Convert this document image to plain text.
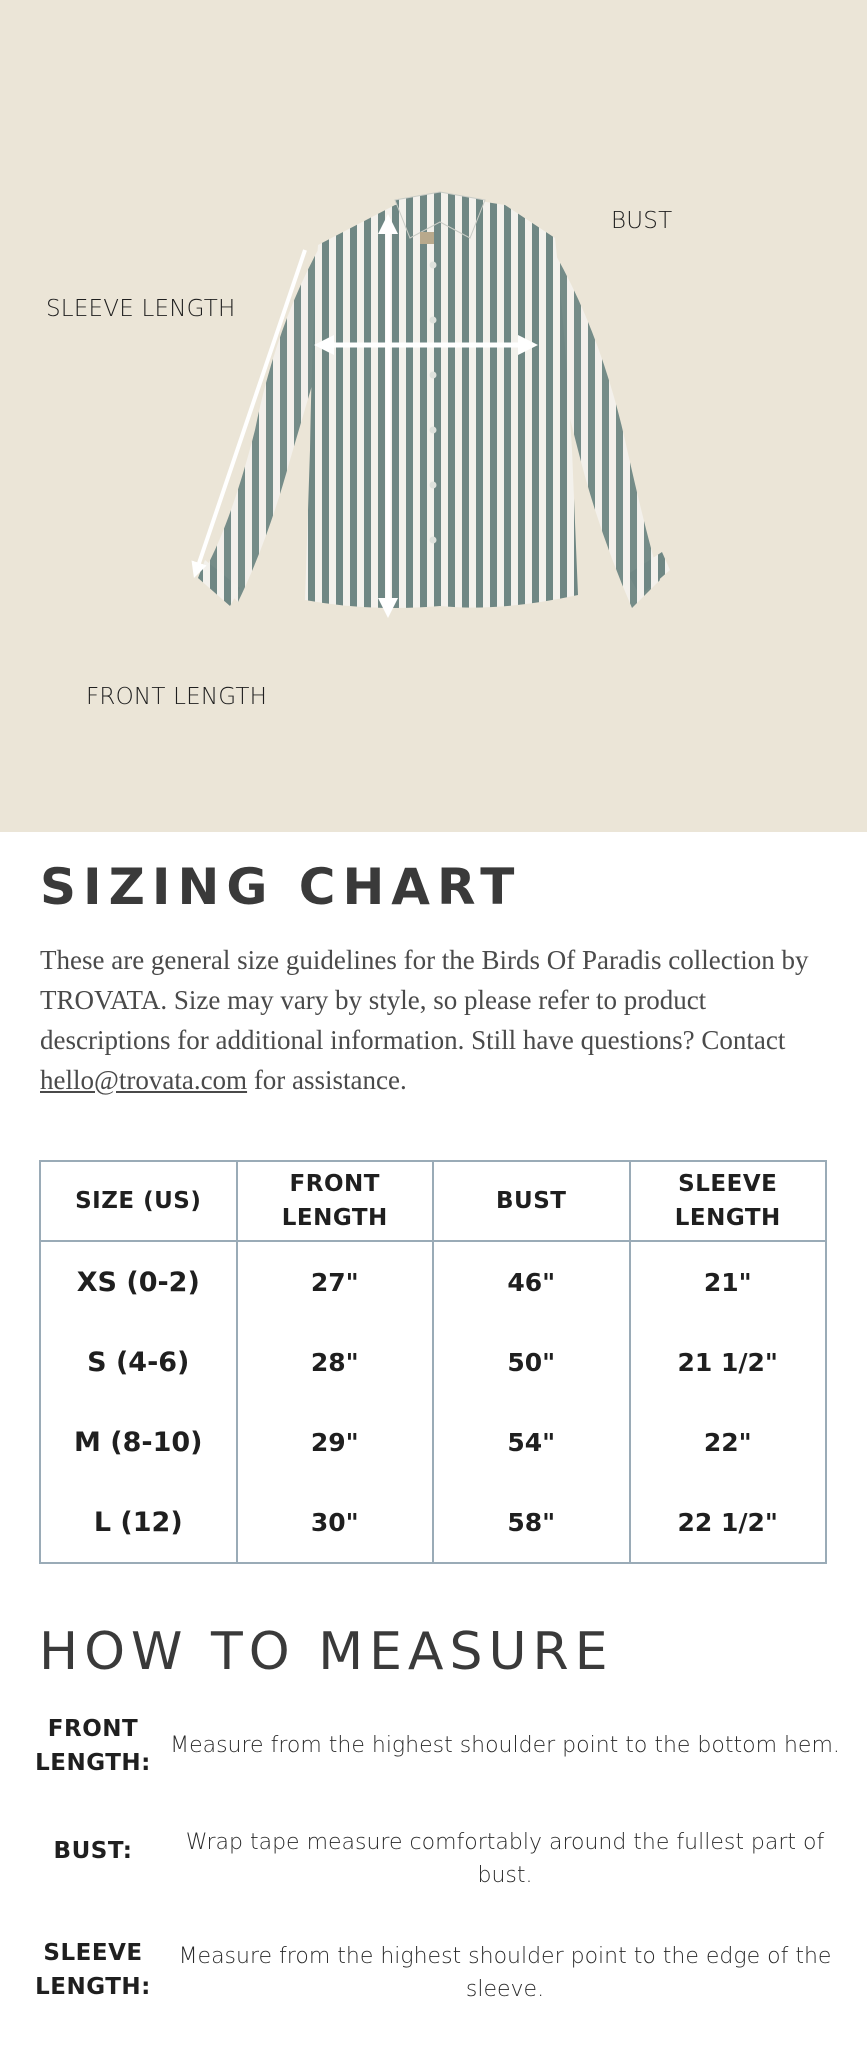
BUST
SLEEVE LENGTH
FRONT LENGTH
SIZING CHART

These are general size guidelines for the Birds Of Paradis collection by TROVATA. Size may vary by style, so please refer to product descriptions for additional information. Still have questions? Contact hello@trovata.com for assistance.

SIZE (US)	FRONT LENGTH	BUST	SLEEVE LENGTH
XS (0-2)	27"	46"	21"
S (4-6)	28"	50"	21 1/2"
M (8-10)	29"	54"	22"
L (12)	30"	58"	22 1/2"
HOW TO MEASURE
FRONT LENGTH:
Measure from the highest shoulder point to the bottom hem.
BUST:	Wrap tape measure comfortably around the fullest part of bust.
SLEEVE LENGTH:
Measure from the highest shoulder point to the edge of the sleeve.
